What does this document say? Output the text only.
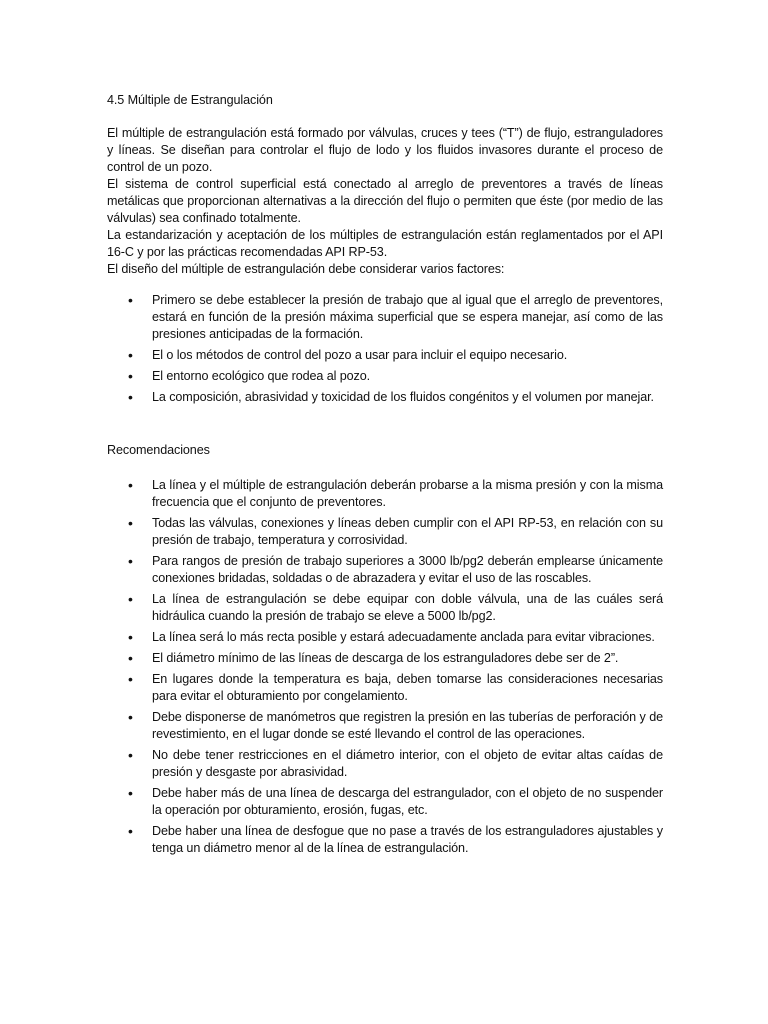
4.5 Múltiple de Estrangulación

El múltiple de estrangulación está formado por válvulas, cruces y tees (“T”) de flujo, estranguladores y líneas. Se diseñan para controlar el flujo de lodo y los fluidos invasores durante el proceso de control de un pozo.

El sistema de control superficial está conectado al arreglo de preventores a través de líneas metálicas que proporcionan alternativas a la dirección del flujo o permiten que éste (por medio de las válvulas) sea confinado totalmente.

La estandarización y aceptación de los múltiples de estrangulación están reglamentados por el API 16-C y por las prácticas recomendadas API RP-53.

El diseño del múltiple de estrangulación debe considerar varios factores:

• Primero se debe establecer la presión de trabajo que al igual que el arreglo de preventores, estará en función de la presión máxima superficial que se espera manejar, así como de las presiones anticipadas de la formación.
• El o los métodos de control del pozo a usar para incluir el equipo necesario.
• El entorno ecológico que rodea al pozo.
• La composición, abrasividad y toxicidad de los fluidos congénitos y el volumen por manejar.
Recomendaciones
• La línea y el múltiple de estrangulación deberán probarse a la misma presión y con la misma frecuencia que el conjunto de preventores.
• Todas las válvulas, conexiones y líneas deben cumplir con el API RP-53, en relación con su presión de trabajo, temperatura y corrosividad.
• Para rangos de presión de trabajo superiores a 3000 lb/pg2 deberán emplearse únicamente conexiones bridadas, soldadas o de abrazadera y evitar el uso de las roscables.
• La línea de estrangulación se debe equipar con doble válvula, una de las cuáles será hidráulica cuando la presión de trabajo se eleve a 5000 lb/pg2.
• La línea será lo más recta posible y estará adecuadamente anclada para evitar vibraciones.
• El diámetro mínimo de las líneas de descarga de los estranguladores debe ser de 2”.
• En lugares donde la temperatura es baja, deben tomarse las consideraciones necesarias para evitar el obturamiento por congelamiento.
• Debe disponerse de manómetros que registren la presión en las tuberías de perforación y de revestimiento, en el lugar donde se esté llevando el control de las operaciones.
• No debe tener restricciones en el diámetro interior, con el objeto de evitar altas caídas de presión y desgaste por abrasividad.
• Debe haber más de una línea de descarga del estrangulador, con el objeto de no suspender la operación por obturamiento, erosión, fugas, etc.
• Debe haber una línea de desfogue que no pase a través de los estranguladores ajustables y tenga un diámetro menor al de la línea de estrangulación.
